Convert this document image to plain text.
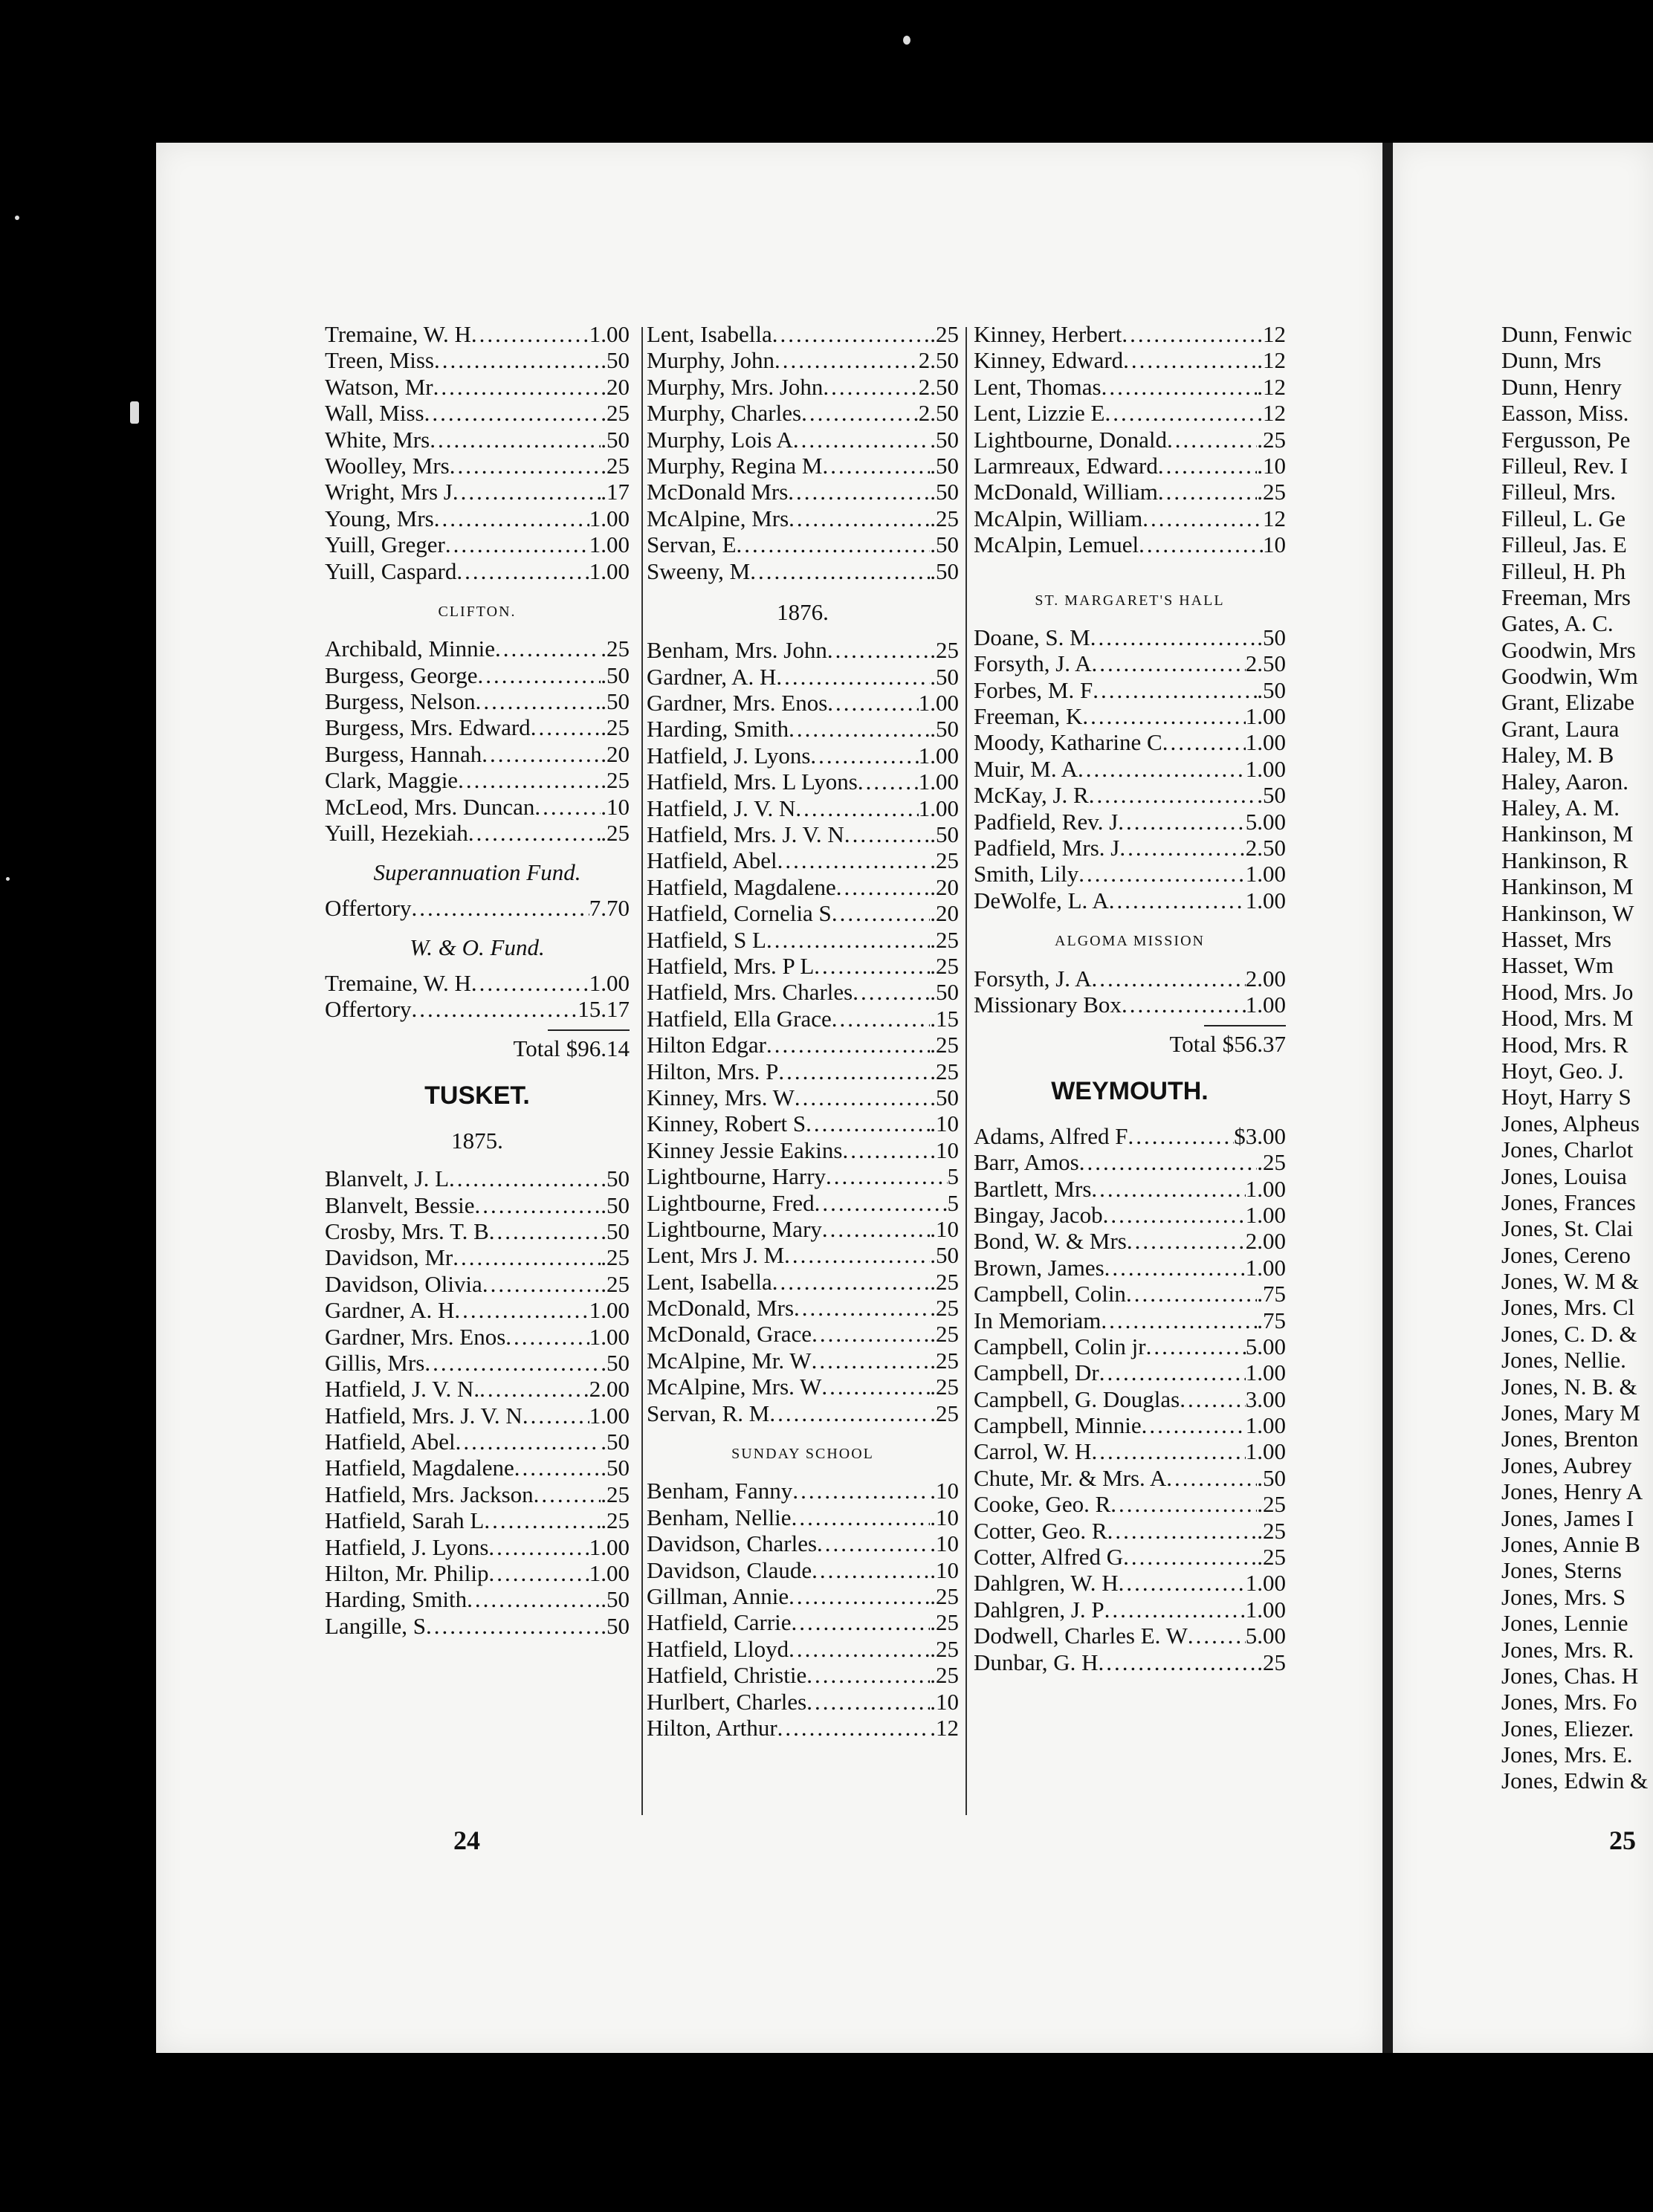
Tremaine, W. H .....	1.00
Treen, Miss .....	.50
Watson, Mr .....	.20
Wall, Miss .....	.25
White, Mrs .....	.50
Woolley, Mrs .....	.25
Wright, Mrs J .....	.17
Young, Mrs .....	1.00
Yuill, Greger .....	1.00
Yuill, Caspard .....	1.00
CLIFTON.
Archibald, Minnie .....	.25
Burgess, George .....	.50
Burgess, Nelson .....	.50
Burgess, Mrs. Edward .....	.25
Burgess, Hannah .....	.20
Clark, Maggie .....	.25
McLeod, Mrs. Duncan .....	.10
Yuill, Hezekiah .....	.25
Superannuation Fund.
Offertory .....	7.70
W. & O. Fund.
Tremaine, W. H .....	1.00
Offertory .....	15.17
Total $96.14
TUSKET.
1875.
Blanvelt, J. L .....	.50
Blanvelt, Bessie .....	.50
Crosby, Mrs. T. B .....	.50
Davidson, Mr .....	.25
Davidson, Olivia .....	.25
Gardner, A. H .....	1.00
Gardner, Mrs. Enos .....	1.00
Gillis, Mrs .....	.50
Hatfield, J. V. N. .....	2.00
Hatfield, Mrs. J. V. N .....	1.00
Hatfield, Abel .....	.50
Hatfield, Magdalene .....	.50
Hatfield, Mrs. Jackson .....	.25
Hatfield, Sarah L .....	.25
Hatfield, J. Lyons .....	1.00
Hilton, Mr. Philip .....	1.00
Harding, Smith .....	.50
Langille, S .....	.50
Lent, Isabella .....	.25
Murphy, John .....	2.50
Murphy, Mrs. John .....	2.50
Murphy, Charles .....	2.50
Murphy, Lois A .....	.50
Murphy, Regina M .....	.50
McDonald Mrs .....	.50
McAlpine, Mrs .....	.25
Servan, E .....	.50
Sweeny, M .....	.50
1876.
Benham, Mrs. John .....	.25
Gardner, A. H .....	.50
Gardner, Mrs. Enos .....	1.00
Harding, Smith .....	.50
Hatfield, J. Lyons .....	1.00
Hatfield, Mrs. L Lyons .....	1.00
Hatfield, J. V. N .....	1.00
Hatfield, Mrs. J. V. N .....	.50
Hatfield, Abel .....	.25
Hatfield, Magdalene .....	.20
Hatfield, Cornelia S .....	.20
Hatfield, S L .....	.25
Hatfield, Mrs. P L .....	.25
Hatfield, Mrs. Charles .....	.50
Hatfield, Ella Grace .....	.15
Hilton Edgar .....	.25
Hilton, Mrs. P .....	.25
Kinney, Mrs. W .....	.50
Kinney, Robert S .....	.10
Kinney Jessie Eakins .....	.10
Lightbourne, Harry .....	5
Lightbourne, Fred .....	5
Lightbourne, Mary .....	.10
Lent, Mrs J. M .....	.50
Lent, Isabella .....	.25
McDonald, Mrs .....	.25
McDonald, Grace .....	.25
McAlpine, Mr. W .....	.25
McAlpine, Mrs. W .....	.25
Servan, R. M .....	.25
SUNDAY SCHOOL
Benham, Fanny .....	.10
Benham, Nellie .....	.10
Davidson, Charles .....	.10
Davidson, Claude .....	.10
Gillman, Annie .....	.25
Hatfield, Carrie .....	.25
Hatfield, Lloyd .....	.25
Hatfield, Christie .....	.25
Hurlbert, Charles .....	.10
Hilton, Arthur .....	.12
Kinney, Herbert .....	.12
Kinney, Edward .....	.12
Lent, Thomas .....	.12
Lent, Lizzie E .....	.12
Lightbourne, Donald .....	.25
Larmreaux, Edward .....	.10
McDonald, William .....	.25
McAlpin, William .....	12
McAlpin, Lemuel .....	10
ST. MARGARET'S HALL
Doane, S. M .....	.50
Forsyth, J. A .....	2.50
Forbes, M. F .....	.50
Freeman, K .....	1.00
Moody, Katharine C .....	1.00
Muir, M. A .....	1.00
McKay, J. R .....	.50
Padfield, Rev. J .....	5.00
Padfield, Mrs. J .....	2.50
Smith, Lily .....	1.00
DeWolfe, L. A .....	1.00
ALGOMA MISSION
Forsyth, J. A .....	2.00
Missionary Box .....	1.00
Total $56.37
WEYMOUTH.
Adams, Alfred F .....	$3.00
Barr, Amos .....	.25
Bartlett, Mrs .....	1.00
Bingay, Jacob .....	1.00
Bond, W. & Mrs .....	2.00
Brown, James .....	1.00
Campbell, Colin .....	.75
In Memoriam .....	.75
Campbell, Colin jr .....	5.00
Campbell, Dr .....	1.00
Campbell, G. Douglas .....	3.00
Campbell, Minnie .....	1.00
Carrol, W. H .....	1.00
Chute, Mr. & Mrs. A .....	.50
Cooke, Geo. R .....	.25
Cotter, Geo. R .....	.25
Cotter, Alfred G .....	.25
Dahlgren, W. H .....	1.00
Dahlgren, J. P .....	1.00
Dodwell, Charles E. W .....	5.00
Dunbar, G. H .....	.25
Dunn, Fenwic
Dunn, Mrs
Dunn, Henry
Easson, Miss.
Fergusson, Pe
Filleul, Rev. I
Filleul, Mrs.
Filleul, L. Ge
Filleul, Jas. E
Filleul, H. Ph
Freeman, Mrs
Gates, A. C.
Goodwin, Mrs
Goodwin, Wm
Grant, Elizabe
Grant, Laura
Haley, M. B
Haley, Aaron.
Haley, A. M.
Hankinson, M
Hankinson, R
Hankinson, M
Hankinson, W
Hasset, Mrs
Hasset, Wm
Hood, Mrs. Jo
Hood, Mrs. M
Hood, Mrs. R
Hoyt, Geo. J.
Hoyt, Harry S
Jones, Alpheus
Jones, Charlot
Jones, Louisa
Jones, Frances
Jones, St. Clai
Jones, Cereno
Jones, W. M &
Jones, Mrs. Cl
Jones, C. D. &
Jones, Nellie.
Jones, N. B. &
Jones, Mary M
Jones, Brenton
Jones, Aubrey
Jones, Henry A
Jones, James I
Jones, Annie B
Jones, Sterns
Jones, Mrs. S
Jones, Lennie
Jones, Mrs. R.
Jones, Chas. H
Jones, Mrs. Fo
Jones, Eliezer.
Jones, Mrs. E.
Jones, Edwin &
24	25
